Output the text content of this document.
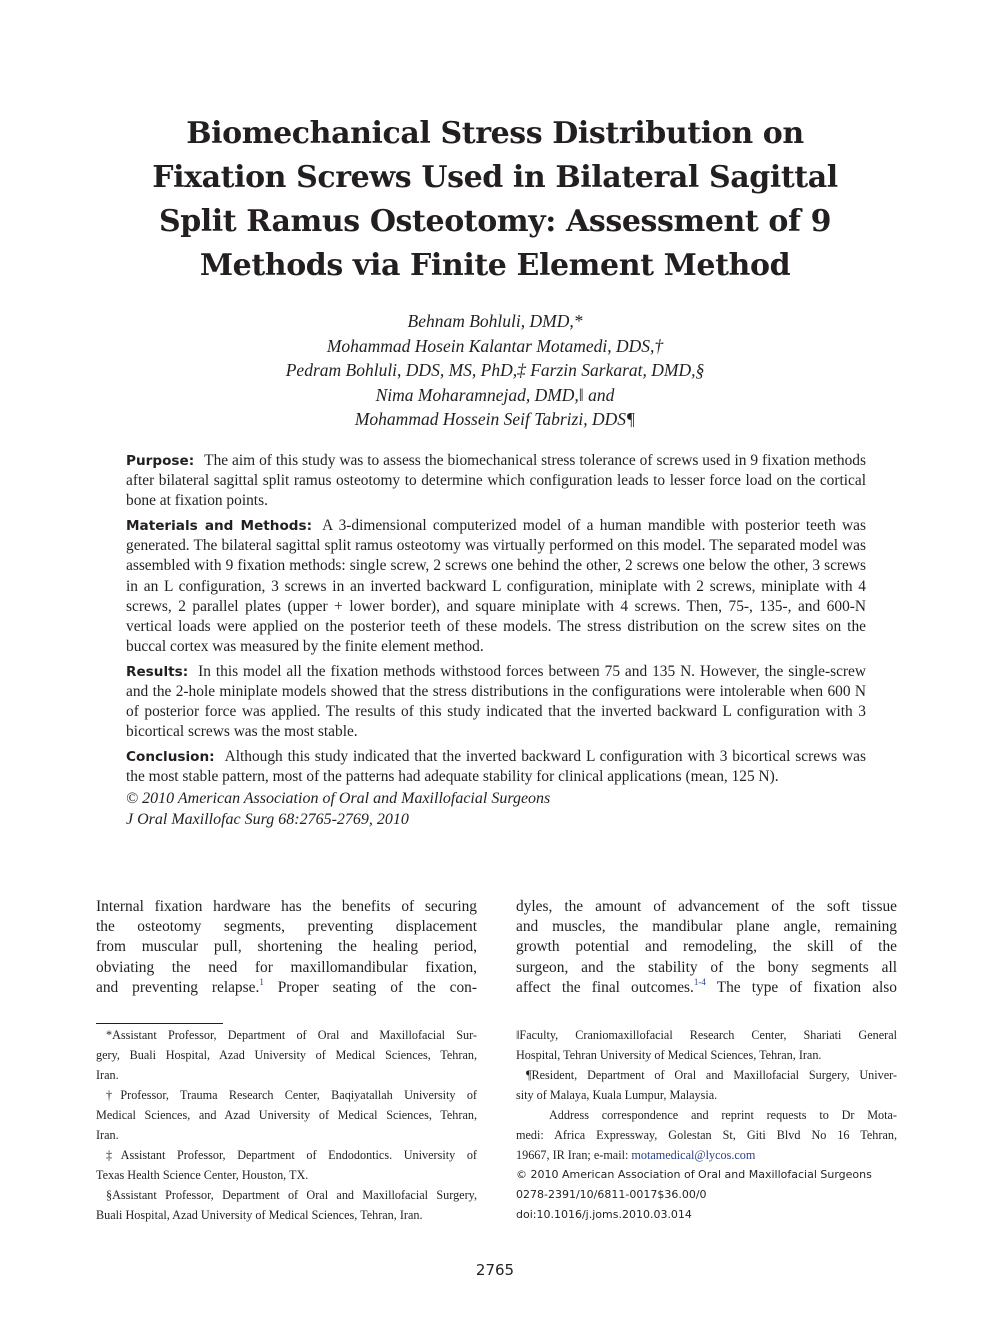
Biomechanical Stress Distribution on
Fixation Screws Used in Bilateral Sagittal
Split Ramus Osteotomy: Assessment of 9
Methods via Finite Element Method
Behnam Bohluli, DMD,*
Mohammad Hosein Kalantar Motamedi, DDS,†
Pedram Bohluli, DDS, MS, PhD,‡ Farzin Sarkarat, DMD,§
Nima Moharamnejad, DMD,‖ and
Mohammad Hossein Seif Tabrizi, DDS¶

Purpose: The aim of this study was to assess the biomechanical stress tolerance of screws used in 9 fixation methods after bilateral sagittal split ramus osteotomy to determine which configuration leads to lesser force load on the cortical bone at fixation points.

Materials and Methods: A 3-dimensional computerized model of a human mandible with posterior teeth was generated. The bilateral sagittal split ramus osteotomy was virtually performed on this model. The separated model was assembled with 9 fixation methods: single screw, 2 screws one behind the other, 2 screws one below the other, 3 screws in an L configuration, 3 screws in an inverted backward L configuration, miniplate with 2 screws, miniplate with 4 screws, 2 parallel plates (upper + lower border), and square miniplate with 4 screws. Then, 75-, 135-, and 600-N vertical loads were applied on the posterior teeth of these models. The stress distribution on the screw sites on the buccal cortex was measured by the finite element method.

Results: In this model all the fixation methods withstood forces between 75 and 135 N. However, the single-screw and the 2-hole miniplate models showed that the stress distributions in the configurations were intolerable when 600 N of posterior force was applied. The results of this study indicated that the inverted backward L configuration with 3 bicortical screws was the most stable.

Conclusion: Although this study indicated that the inverted backward L configuration with 3 bicortical screws was the most stable pattern, most of the patterns had adequate stability for clinical applications (mean, 125 N).

© 2010 American Association of Oral and Maxillofacial Surgeons

J Oral Maxillofac Surg 68:2765-2769, 2010

Internal fixation hardware has the benefits of securing
the osteotomy segments, preventing displacement
from muscular pull, shortening the healing period,
obviating the need for maxillomandibular fixation,
and preventing relapse.$^1$ Proper seating of the con-
dyles, the amount of advancement of the soft tissue
and muscles, the mandibular plane angle, remaining
growth potential and remodeling, the skill of the
surgeon, and the stability of the bony segments all
affect the final outcomes.$^{1-4}$ The type of fixation also
*Assistant Professor, Department of Oral and Maxillofacial Sur-
gery, Buali Hospital, Azad University of Medical Sciences, Tehran,
Iran.
†Professor, Trauma Research Center, Baqiyatallah University of
Medical Sciences, and Azad University of Medical Sciences, Tehran,
Iran.
‡Assistant Professor, Department of Endodontics. University of
Texas Health Science Center, Houston, TX.
§Assistant Professor, Department of Oral and Maxillofacial Surgery,
Buali Hospital, Azad University of Medical Sciences, Tehran, Iran.
‖Faculty, Craniomaxillofacial Research Center, Shariati General
Hospital, Tehran University of Medical Sciences, Tehran, Iran.
¶Resident, Department of Oral and Maxillofacial Surgery, Univer-
sity of Malaya, Kuala Lumpur, Malaysia.
Address correspondence and reprint requests to Dr Mota-
medi: Africa Expressway, Golestan St, Giti Blvd No 16 Tehran,
19667, IR Iran; e-mail: motamedical@lycos.com
© 2010 American Association of Oral and Maxillofacial Surgeons
0278-2391/10/6811-0017$36.00/0
doi:10.1016/j.joms.2010.03.014
2765
